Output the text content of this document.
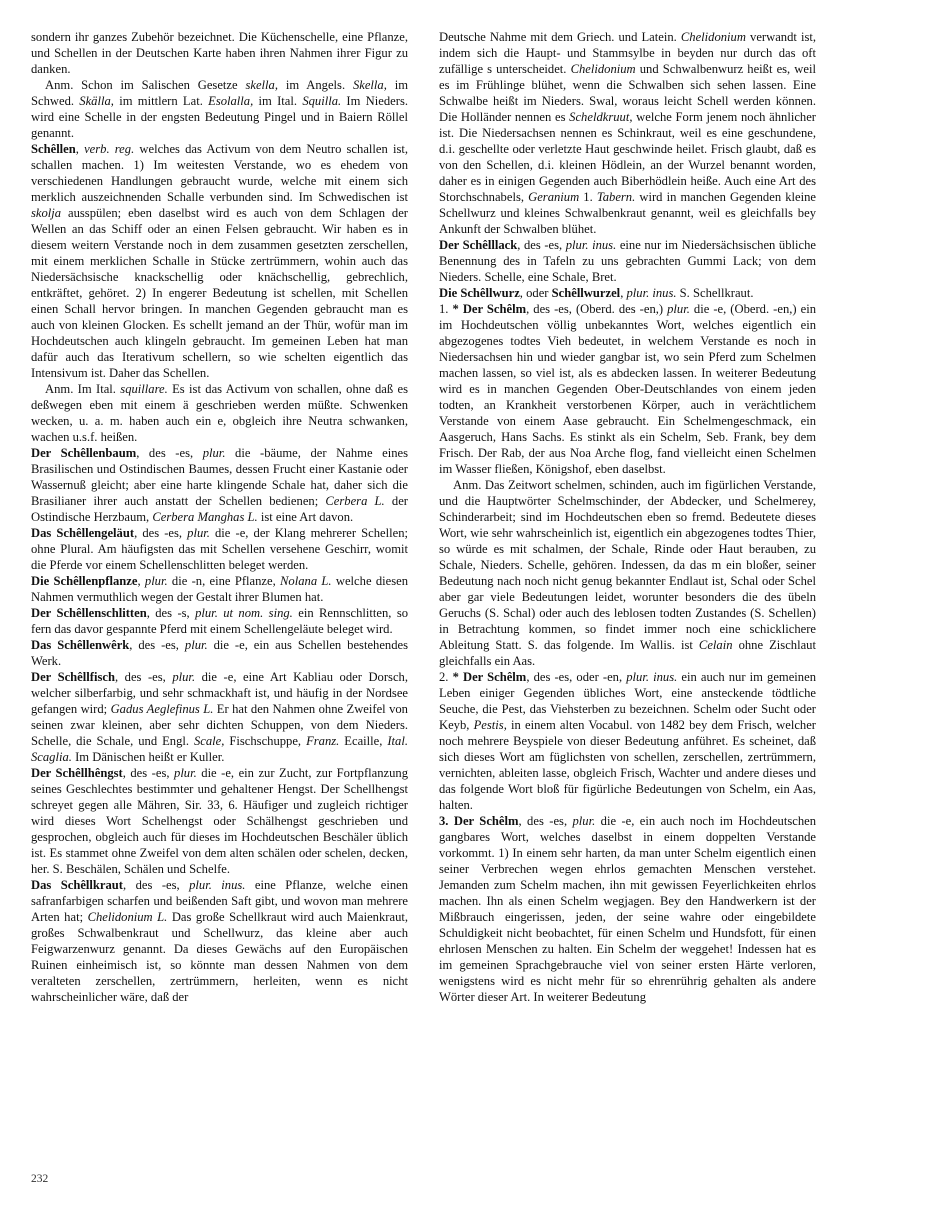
sondern ihr ganzes Zubehör bezeichnet. Die Küchenschelle, eine Pflanze, und Schellen in der Deutschen Karte haben ihren Nahmen ihrer Figur zu danken.

Anm. Schon im Salischen Gesetze skella, im Angels. Skella, im Schwed. Skälla, im mittlern Lat. Esolalla, im Ital. Squilla. Im Nieders. wird eine Schelle in der engsten Bedeutung Pingel und in Baiern Röllel genannt.

Schêllen, verb. reg. welches das Activum von dem Neutro schallen ist, schallen machen. 1) Im weitesten Verstande, wo es ehedem von verschiedenen Handlungen gebraucht wurde, welche mit einem sich merklich auszeichnenden Schalle verbunden sind. Im Schwedischen ist skolja ausspülen; eben daselbst wird es auch von dem Schlagen der Wellen an das Schiff oder an einen Felsen gebraucht. Wir haben es in diesem weitern Verstande noch in dem zusammen gesetzten zerschellen, mit einem merklichen Schalle in Stücke zertrümmern, wohin auch das Niedersächsische knackschellig oder knächschellig, gebrechlich, entkräftet, gehöret. 2) In engerer Bedeutung ist schellen, mit Schellen einen Schall hervor bringen. In manchen Gegenden gebraucht man es auch von kleinen Glocken. Es schellt jemand an der Thür, wofür man im Hochdeutschen auch klingeln gebraucht. Im gemeinen Leben hat man dafür auch das Iterativum schellern, so wie schelten eigentlich das Intensivum ist. Daher das Schellen.

Anm. Im Ital. squillare. Es ist das Activum von schallen, ohne daß es deßwegen eben mit einem ä geschrieben werden müßte. Schwenken wecken, u. a. m. haben auch ein e, obgleich ihre Neutra schwanken, wachen u.s.f. heißen.

Der Schêllenbaum, des -es, plur. die -bäume, der Nahme eines Brasilischen und Ostindischen Baumes, dessen Frucht einer Kastanie oder Wassernuß gleicht; aber eine harte klingende Schale hat, daher sich die Brasilianer ihrer auch anstatt der Schellen bedienen; Cerbera L. der Ostindische Herzbaum, Cerbera Manghas L. ist eine Art davon.

Das Schêllengeläut, des -es, plur. die -e, der Klang mehrerer Schellen; ohne Plural. Am häufigsten das mit Schellen versehene Geschirr, womit die Pferde vor einem Schellenschlitten beleget werden.

Die Schêllenpflanze, plur. die -n, eine Pflanze, Nolana L. welche diesen Nahmen vermuthlich wegen der Gestalt ihrer Blumen hat.

Der Schêllenschlitten, des -s, plur. ut nom. sing. ein Rennschlitten, so fern das davor gespannte Pferd mit einem Schellengeläute beleget wird.

Das Schêllenwêrk, des -es, plur. die -e, ein aus Schellen bestehendes Werk.

Der Schêllfisch, des -es, plur. die -e, eine Art Kabliau oder Dorsch, welcher silberfarbig, und sehr schmackhaft ist, und häufig in der Nordsee gefangen wird; Gadus Aeglefinus L. Er hat den Nahmen ohne Zweifel von seinen zwar kleinen, aber sehr dichten Schuppen, von dem Nieders. Schelle, die Schale, und Engl. Scale, Fischschuppe, Franz. Ecaille, Ital. Scaglia. Im Dänischen heißt er Kuller.

Der Schêllhêngst, des -es, plur. die -e, ein zur Zucht, zur Fortpflanzung seines Geschlechtes bestimmter und gehaltener Hengst. Der Schellhengst schreyet gegen alle Mähren, Sir. 33, 6. Häufiger und zugleich richtiger wird dieses Wort Schelhengst oder Schälhengst geschrieben und gesprochen, obgleich auch für dieses im Hochdeutschen Beschäler üblich ist. Es stammet ohne Zweifel von dem alten schälen oder schelen, decken, her. S. Beschälen, Schälen und Schelfe.

Das Schêllkraut, des -es, plur. inus. eine Pflanze, welche einen safranfarbigen scharfen und beißenden Saft gibt, und wovon man mehrere Arten hat; Chelidonium L. Das große Schellkraut wird auch Maienkraut, großes Schwalbenkraut und Schellwurz, das kleine aber auch Feigwarzenwurz genannt. Da dieses Gewächs auf den Europäischen Ruinen einheimisch ist, so könnte man dessen Nahmen von dem veralteten zerschellen, zertrümmern, herleiten, wenn es nicht wahrscheinlicher wäre, daß der

Deutsche Nahme mit dem Griech. und Latein. Chelidonium verwandt ist, indem sich die Haupt- und Stammsylbe in beyden nur durch das oft zufällige s unterscheidet. Chelidonium und Schwalbenwurz heißt es, weil es im Frühlinge blühet, wenn die Schwalben sich sehen lassen. Eine Schwalbe heißt im Nieders. Swal, woraus leicht Schell werden können. Die Holländer nennen es Scheldkruut, welche Form jenem noch ähnlicher ist. Die Niedersachsen nennen es Schinkraut, weil es eine geschundene, d.i. geschellte oder verletzte Haut geschwinde heilet. Frisch glaubt, daß es von den Schellen, d.i. kleinen Hödlein, an der Wurzel benannt worden, daher es in einigen Gegenden auch Biberhödlein heiße. Auch eine Art des Storchschnabels, Geranium 1. Tabern. wird in manchen Gegenden kleine Schellwurz und kleines Schwalbenkraut genannt, weil es gleichfalls bey Ankunft der Schwalben blühet.

Der Schêlllack, des -es, plur. inus. eine nur im Niedersächsischen übliche Benennung des in Tafeln zu uns gebrachten Gummi Lack; von dem Nieders. Schelle, eine Schale, Bret.

Die Schêllwurz, oder Schêllwurzel, plur. inus. S. Schellkraut.

1. * Der Schêlm, des -es, (Oberd. des -en,) plur. die -e, (Oberd. -en,) ein im Hochdeutschen völlig unbekanntes Wort, welches eigentlich ein abgezogenes todtes Vieh bedeutet, in welchem Verstande es noch in Niedersachsen hin und wieder gangbar ist, wo sein Pferd zum Schelmen machen lassen, so viel ist, als es abdecken lassen. In weiterer Bedeutung wird es in manchen Gegenden Ober-Deutschlandes von einem jeden todten, an Krankheit verstorbenen Körper, auch in verächtlichem Verstande von einem Aase gebraucht. Ein Schelmengeschmack, ein Aasgeruch, Hans Sachs. Es stinkt als ein Schelm, Seb. Frank, bey dem Frisch. Der Rab, der aus Noa Arche flog, fand vielleicht einen Schelmen im Wasser fließen, Königshof, eben daselbst.

Anm. Das Zeitwort schelmen, schinden, auch im figürlichen Verstande, und die Hauptwörter Schelmschinder, der Abdecker, und Schelmerey, Schinderarbeit; sind im Hochdeutschen eben so fremd. Bedeutete dieses Wort, wie sehr wahrscheinlich ist, eigentlich ein abgezogenes todtes Thier, so würde es mit schalmen, der Schale, Rinde oder Haut berauben, zu Schale, Nieders. Schelle, gehören. Indessen, da das m ein bloßer, seiner Bedeutung nach noch nicht genug bekannter Endlaut ist, Schal oder Schel aber gar viele Bedeutungen leidet, worunter besonders die des übeln Geruchs (S. Schal) oder auch des leblosen todten Zustandes (S. Schellen) in Betrachtung kommen, so findet immer noch eine schicklichere Ableitung Statt. S. das folgende. Im Wallis. ist Celain ohne Zischlaut gleichfalls ein Aas.

2. * Der Schêlm, des -es, oder -en, plur. inus. ein auch nur im gemeinen Leben einiger Gegenden übliches Wort, eine ansteckende tödtliche Seuche, die Pest, das Viehsterben zu bezeichnen. Schelm oder Sucht oder Keyb, Pestis, in einem alten Vocabul. von 1482 bey dem Frisch, welcher noch mehrere Beyspiele von dieser Bedeutung anführet. Es scheinet, daß sich dieses Wort am füglichsten von schellen, zerschellen, zertrümmern, vernichten, ableiten lasse, obgleich Frisch, Wachter und andere dieses und das folgende Wort bloß für figürliche Bedeutungen von Schelm, ein Aas, halten.

3. Der Schêlm, des -es, plur. die -e, ein auch noch im Hochdeutschen gangbares Wort, welches daselbst in einem doppelten Verstande vorkommt. 1) In einem sehr harten, da man unter Schelm eigentlich einen seiner Verbrechen wegen ehrlos gemachten Menschen verstehet. Jemanden zum Schelm machen, ihn mit gewissen Feyerlichkeiten ehrlos machen. Ihn als einen Schelm wegjagen. Bey den Handwerkern ist der Mißbrauch eingerissen, jeden, der seine wahre oder eingebildete Schuldigkeit nicht beobachtet, für einen Schelm und Hundsfott, für einen ehrlosen Menschen zu halten. Ein Schelm der weggehet! Indessen hat es im gemeinen Sprachgebrauche viel von seiner ersten Härte verloren, wenigstens wird es nicht mehr für so ehrenrührig gehalten als andere Wörter dieser Art. In weiterer Bedeutung

232
